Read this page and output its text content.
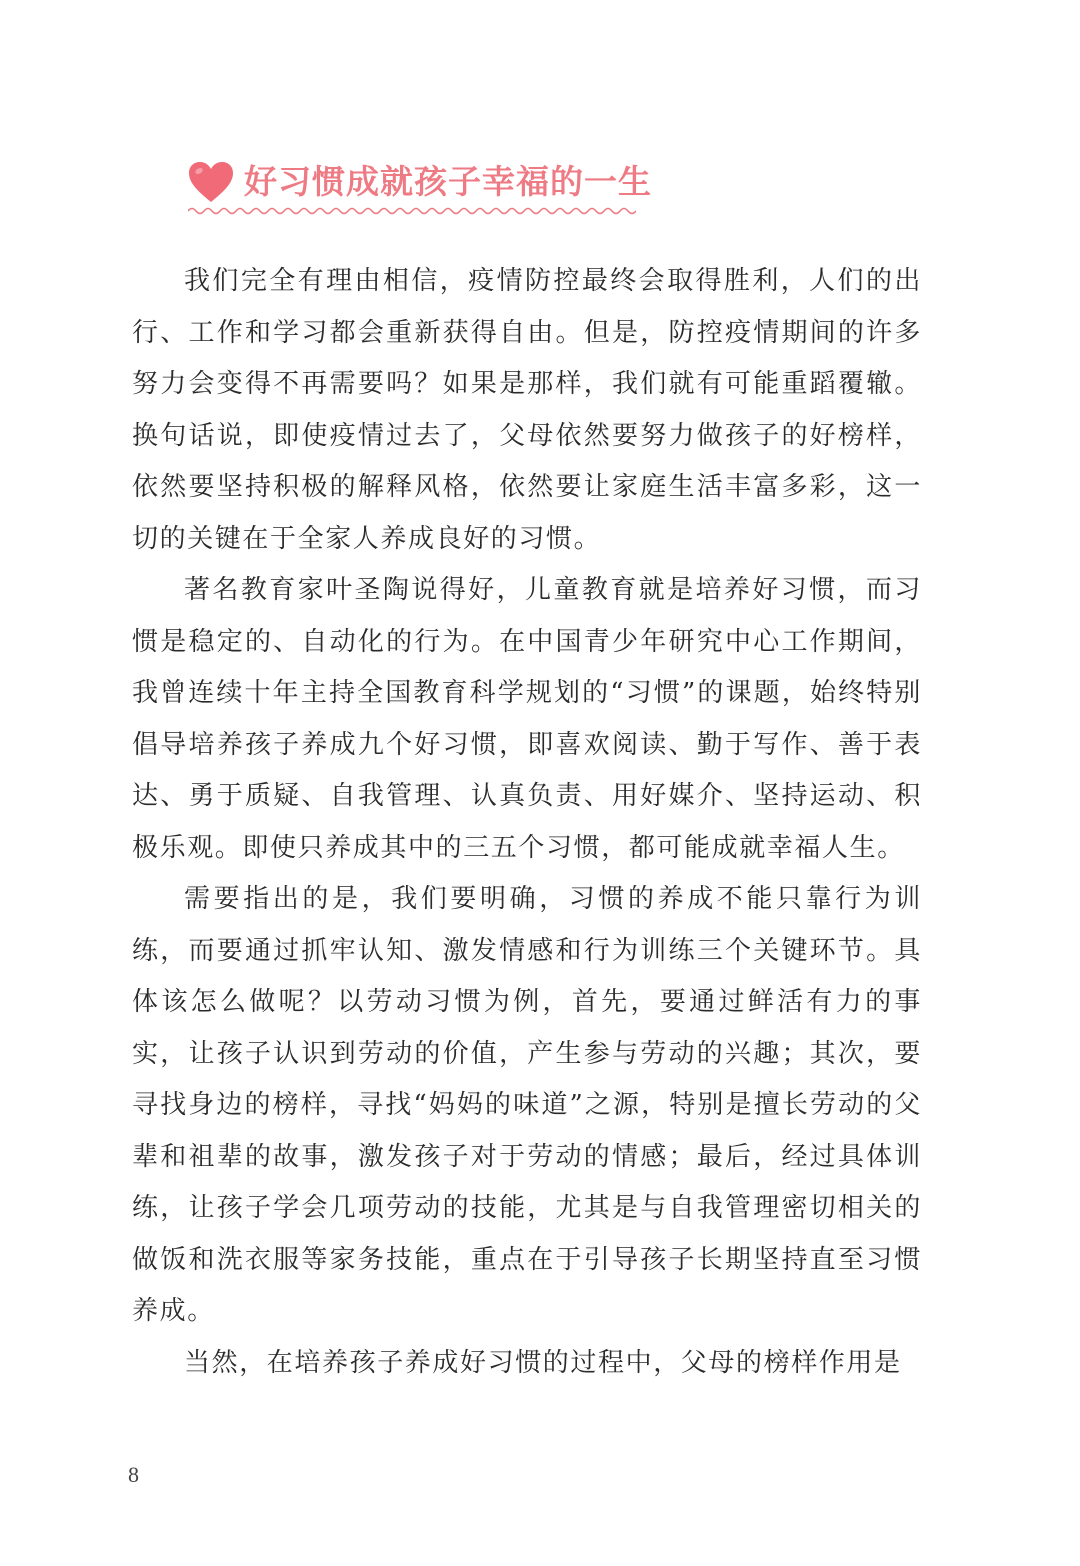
好习惯成就孩子幸福的一生

我们完全有理由相信，疫情防控最终会取得胜利，人们的出行、工作和学习都会重新获得自由。但是，防控疫情期间的许多努力会变得不再需要吗？如果是那样，我们就有可能重蹈覆辙。换句话说，即使疫情过去了，父母依然要努力做孩子的好榜样，依然要坚持积极的解释风格，依然要让家庭生活丰富多彩，这一切的关键在于全家人养成良好的习惯。

著名教育家叶圣陶说得好，儿童教育就是培养好习惯，而习惯是稳定的、自动化的行为。在中国青少年研究中心工作期间，我曾连续十年主持全国教育科学规划的“习惯”的课题，始终特别倡导培养孩子养成九个好习惯，即喜欢阅读、勤于写作、善于表达、勇于质疑、自我管理、认真负责、用好媒介、坚持运动、积极乐观。即使只养成其中的三五个习惯，都可能成就幸福人生。

需要指出的是，我们要明确，习惯的养成不能只靠行为训练，而要通过抓牢认知、激发情感和行为训练三个关键环节。具体该怎么做呢？以劳动习惯为例，首先，要通过鲜活有力的事实，让孩子认识到劳动的价值，产生参与劳动的兴趣；其次，要寻找身边的榜样，寻找“妈妈的味道”之源，特别是擅长劳动的父辈和祖辈的故事，激发孩子对于劳动的情感；最后，经过具体训练，让孩子学会几项劳动的技能，尤其是与自我管理密切相关的做饭和洗衣服等家务技能，重点在于引导孩子长期坚持直至习惯养成。

当然，在培养孩子养成好习惯的过程中，父母的榜样作用是

8
